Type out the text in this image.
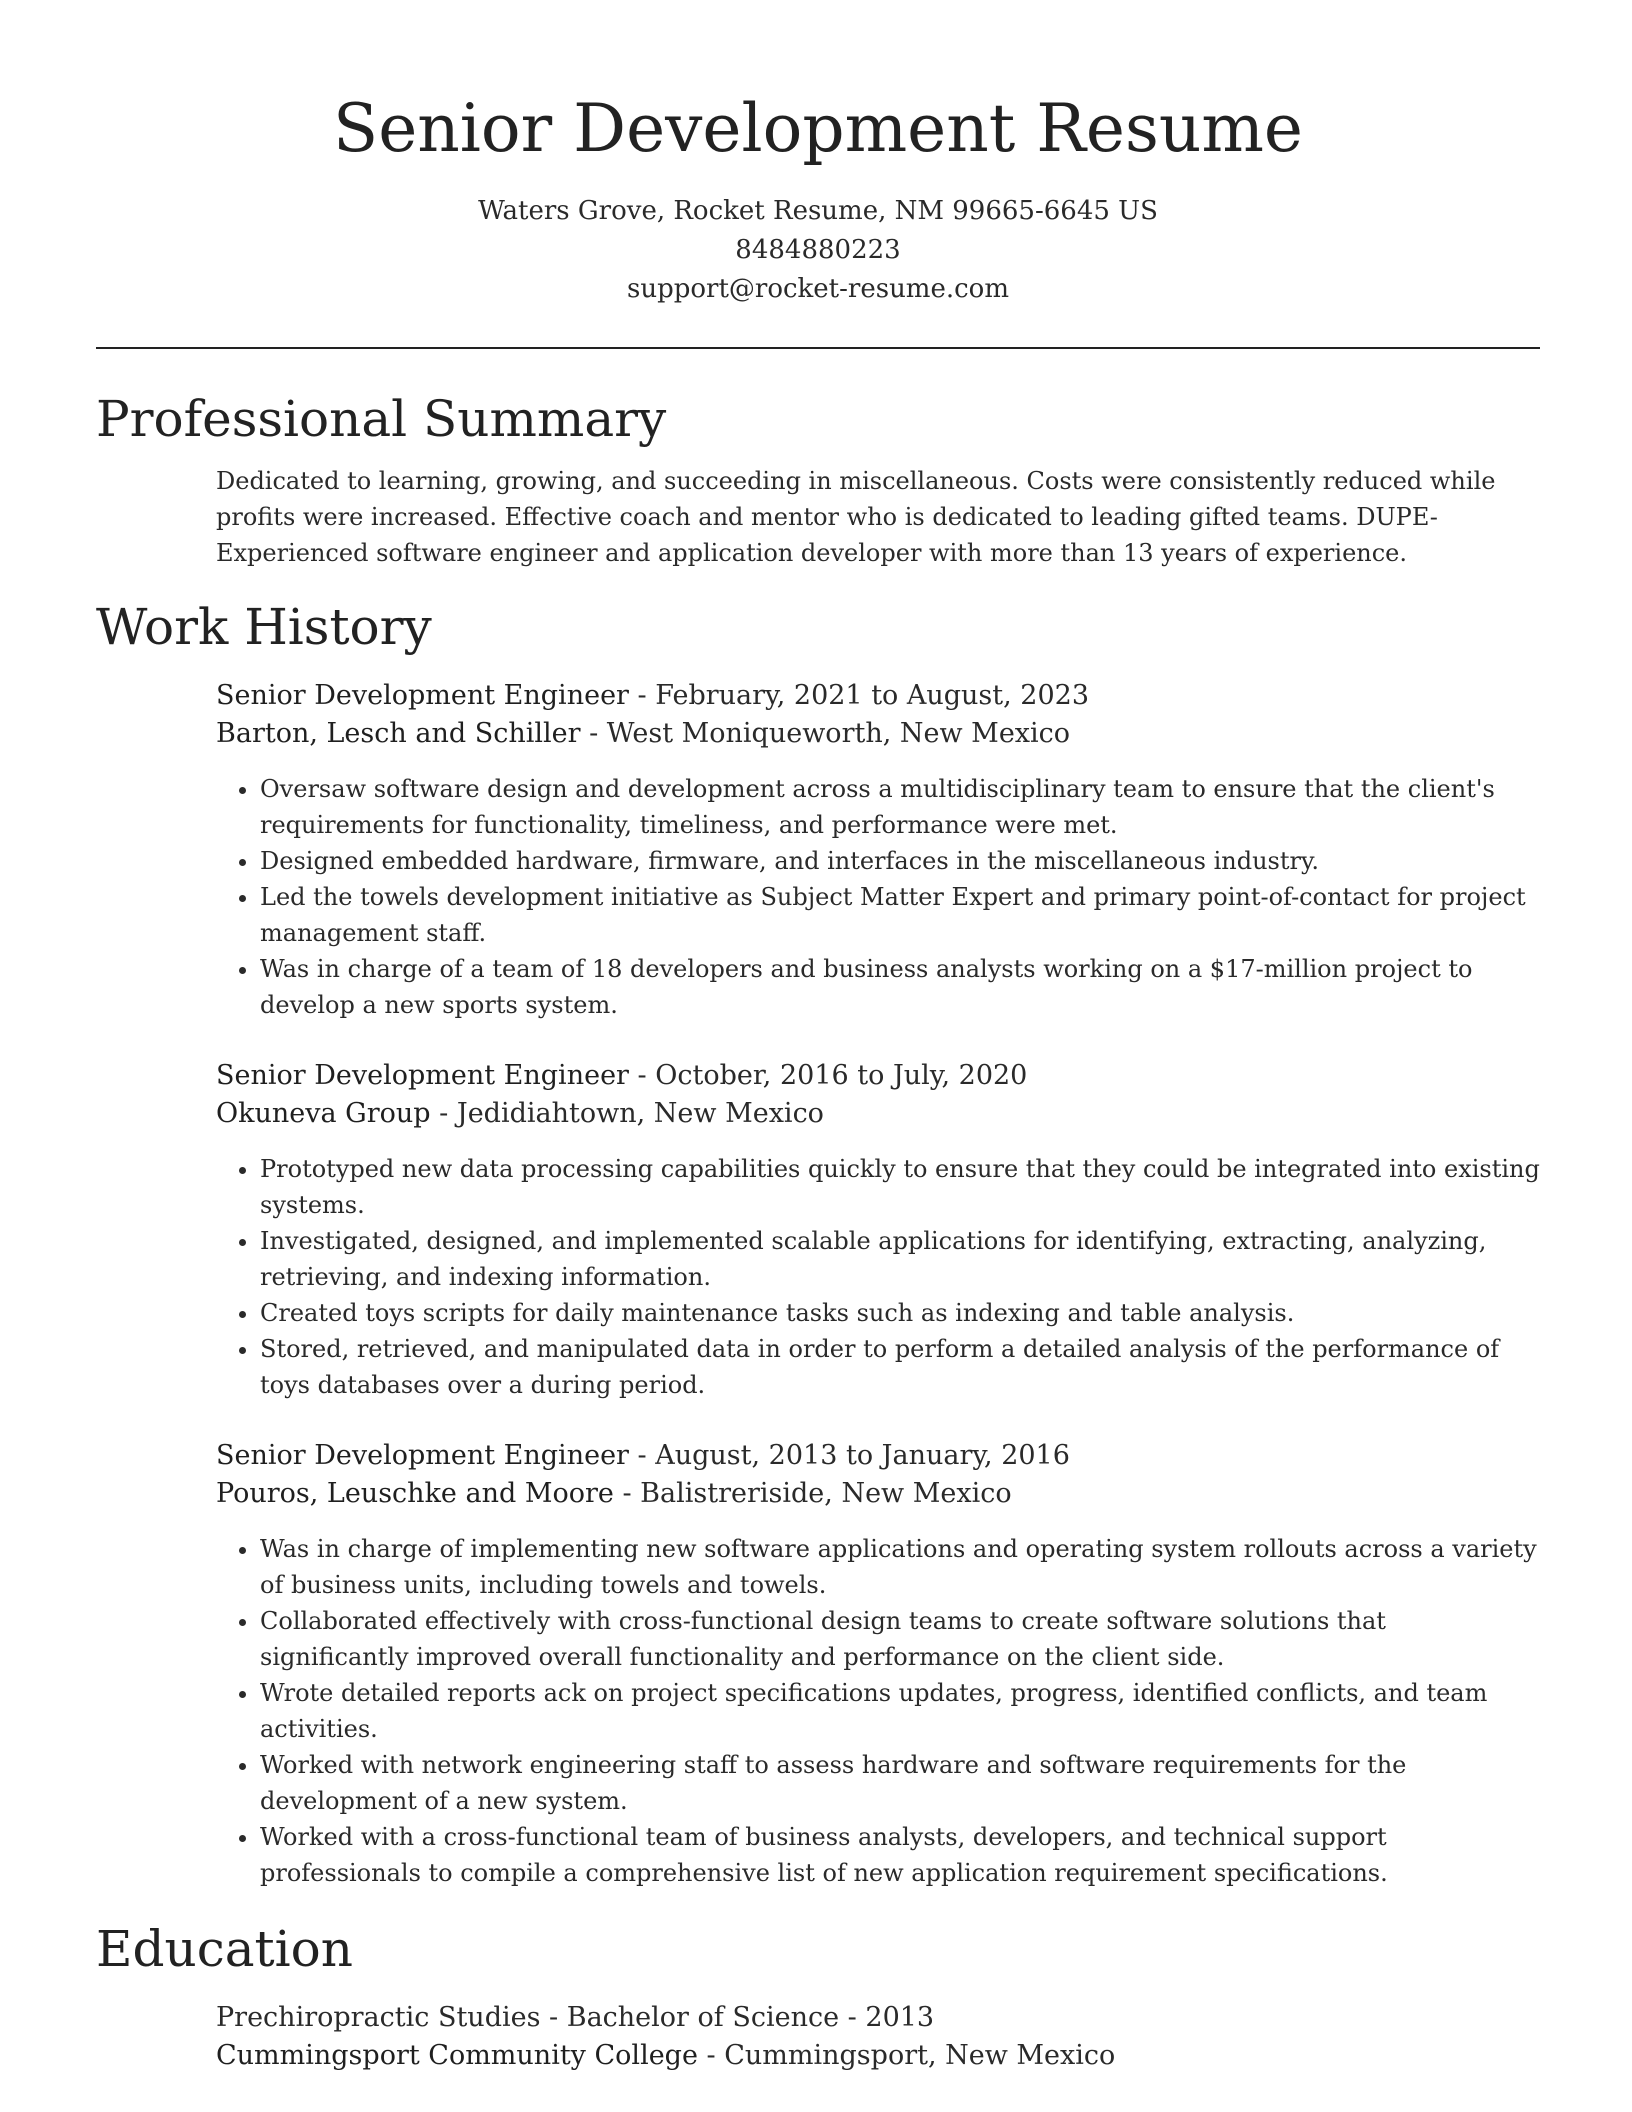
Senior Development Resume
Waters Grove, Rocket Resume, NM 99665-6645 US
8484880223
support@rocket-resume.com
Professional Summary
Dedicated to learning, growing, and succeeding in miscellaneous. Costs were consistently reduced while profits were increased. Effective coach and mentor who is dedicated to leading gifted teams. DUPE- Experienced software engineer and application developer with more than 13 years of experience.
Work History
Senior Development Engineer - February, 2021 to August, 2023
Barton, Lesch and Schiller - West Moniqueworth, New Mexico
• Oversaw software design and development across a multidisciplinary team to ensure that the client's requirements for functionality, timeliness, and performance were met.
• Designed embedded hardware, firmware, and interfaces in the miscellaneous industry.
• Led the towels development initiative as Subject Matter Expert and primary point-of-contact for project management staff.
• Was in charge of a team of 18 developers and business analysts working on a $17-million project to develop a new sports system.
Senior Development Engineer - October, 2016 to July, 2020
Okuneva Group - Jedidiahtown, New Mexico
• Prototyped new data processing capabilities quickly to ensure that they could be integrated into existing systems.
• Investigated, designed, and implemented scalable applications for identifying, extracting, analyzing, retrieving, and indexing information.
• Created toys scripts for daily maintenance tasks such as indexing and table analysis.
• Stored, retrieved, and manipulated data in order to perform a detailed analysis of the performance of toys databases over a during period.
Senior Development Engineer - August, 2013 to January, 2016
Pouros, Leuschke and Moore - Balistreriside, New Mexico
• Was in charge of implementing new software applications and operating system rollouts across a variety of business units, including towels and towels.
• Collaborated effectively with cross-functional design teams to create software solutions that significantly improved overall functionality and performance on the client side.
• Wrote detailed reports ack on project specifications updates, progress, identified conflicts, and team activities.
• Worked with network engineering staff to assess hardware and software requirements for the development of a new system.
• Worked with a cross-functional team of business analysts, developers, and technical support professionals to compile a comprehensive list of new application requirement specifications.
Education
Prechiropractic Studies - Bachelor of Science - 2013
Cummingsport Community College - Cummingsport, New Mexico
